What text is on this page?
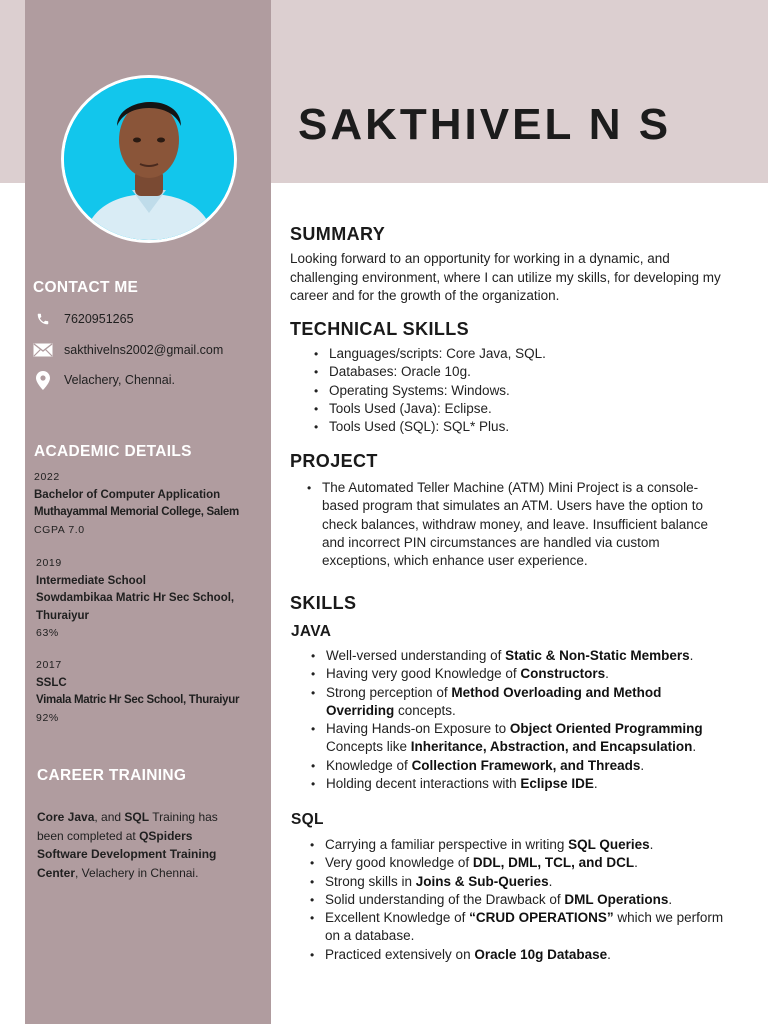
SAKTHIVEL N S
CONTACT ME
7620951265
sakthivelns2002@gmail.com
Velachery, Chennai.
ACADEMIC DETAILS
2022
Bachelor of Computer Application
Muthayammal Memorial College, Salem
CGPA 7.0
2019
Intermediate School
Sowdambikaa Matric Hr Sec School, Thuraiyur
63%
2017
SSLC
Vimala Matric Hr Sec School, Thuraiyur
92%
CAREER TRAINING

Core Java, and SQL Training has been completed at QSpiders Software Development Training Center, Velachery in Chennai.

SUMMARY

Looking forward to an opportunity for working in a dynamic, and challenging environment, where I can utilize my skills, for developing my career and for the growth of the organization.

TECHNICAL SKILLS
• Languages/scripts: Core Java, SQL.
• Databases: Oracle 10g.
• Operating Systems: Windows.
• Tools Used (Java): Eclipse.
• Tools Used (SQL): SQL* Plus.
PROJECT
• The Automated Teller Machine (ATM) Mini Project is a console-based program that simulates an ATM. Users have the option to check balances, withdraw money, and leave. Insufficient balance and incorrect PIN circumstances are handled via custom exceptions, which enhance user experience.
SKILLS
JAVA
• Well-versed understanding of Static & Non-Static Members.
• Having very good Knowledge of Constructors.
• Strong perception of Method Overloading and Method Overriding concepts.
• Having Hands-on Exposure to Object Oriented Programming Concepts like Inheritance, Abstraction, and Encapsulation.
• Knowledge of Collection Framework, and Threads.
• Holding decent interactions with Eclipse IDE.
SQL
• Carrying a familiar perspective in writing SQL Queries.
• Very good knowledge of DDL, DML, TCL, and DCL.
• Strong skills in Joins & Sub-Queries.
• Solid understanding of the Drawback of DML Operations.
• Excellent Knowledge of “CRUD OPERATIONS” which we perform on a database.
• Practiced extensively on Oracle 10g Database.
